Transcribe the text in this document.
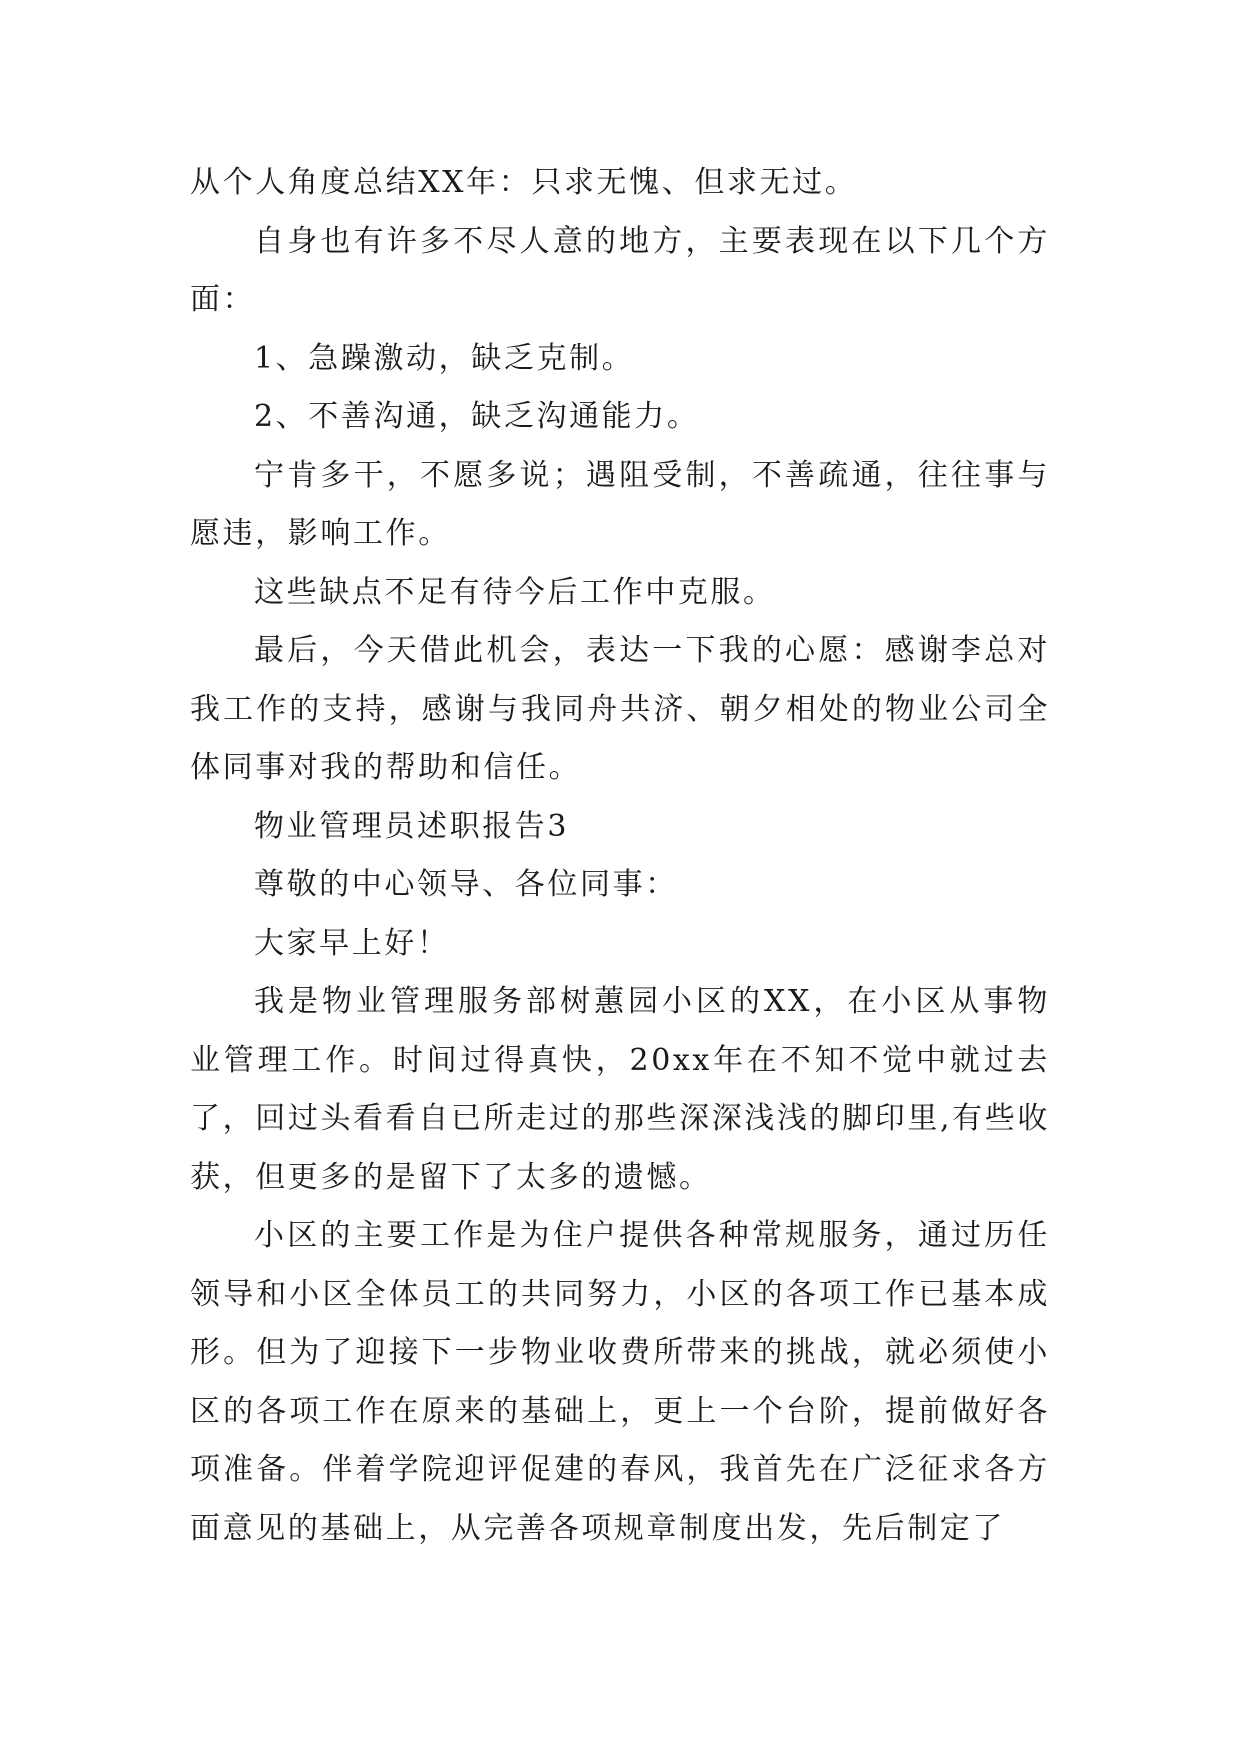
从个人角度总结XX年：只求无愧、但求无过。

自身也有许多不尽人意的地方，主要表现在以下几个方面：

1、急躁激动，缺乏克制。

2、不善沟通，缺乏沟通能力。

宁肯多干，不愿多说；遇阻受制，不善疏通，往往事与愿违，影响工作。

这些缺点不足有待今后工作中克服。

最后，今天借此机会，表达一下我的心愿：感谢李总对我工作的支持，感谢与我同舟共济、朝夕相处的物业公司全体同事对我的帮助和信任。

物业管理员述职报告3

尊敬的中心领导、各位同事：

大家早上好！

我是物业管理服务部树蕙园小区的XX，在小区从事物业管理工作。时间过得真快，20xx年在不知不觉中就过去了，回过头看看自已所走过的那些深深浅浅的脚印里,有些收获，但更多的是留下了太多的遗憾。

小区的主要工作是为住户提供各种常规服务，通过历任领导和小区全体员工的共同努力，小区的各项工作已基本成形。但为了迎接下一步物业收费所带来的挑战，就必须使小区的各项工作在原来的基础上，更上一个台阶，提前做好各项准备。伴着学院迎评促建的春风，我首先在广泛征求各方面意见的基础上，从完善各项规章制度出发，先后制定了
